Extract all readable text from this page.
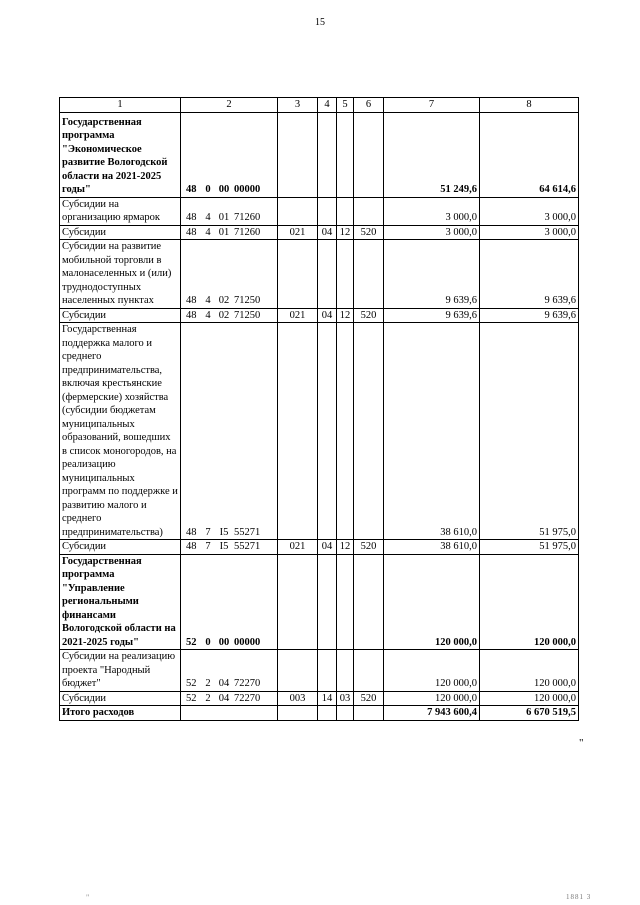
15
1	2	3	4	5	6	7	8
Государственная программа "Экономическое развитие Вологодской области на 2021-2025 годы"	48 0 00 00000					51 249,6	64 614,6
Субсидии на организацию ярмарок	48 4 01 71260					3 000,0	3 000,0
Субсидии	48 4 01 71260	021	04	12	520	3 000,0	3 000,0
Субсидии на развитие мобильной торговли в малонаселенных и (или) труднодоступных населенных пунктах	48 4 02 71250					9 639,6	9 639,6
Субсидии	48 4 02 71250	021	04	12	520	9 639,6	9 639,6
Государственная поддержка малого и среднего предпринимательства, включая крестьянские (фермерские) хозяйства (субсидии бюджетам муниципальных образований, вошедших в список моногородов, на реализацию муниципальных программ по поддержке и развитию малого и среднего предпринимательства)	48 7 I5 55271					38 610,0	51 975,0
Субсидии	48 7 I5 55271	021	04	12	520	38 610,0	51 975,0
Государственная программа "Управление региональными финансами Вологодской области на 2021-2025 годы"	52 0 00 00000					120 000,0	120 000,0
Субсидии на реализацию проекта "Народный бюджет"	52 2 04 72270					120 000,0	120 000,0
Субсидии	52 2 04 72270	003	14	03	520	120 000,0	120 000,0
Итого расходов						7 943 600,4	6 670 519,5
"
"	1881 3
